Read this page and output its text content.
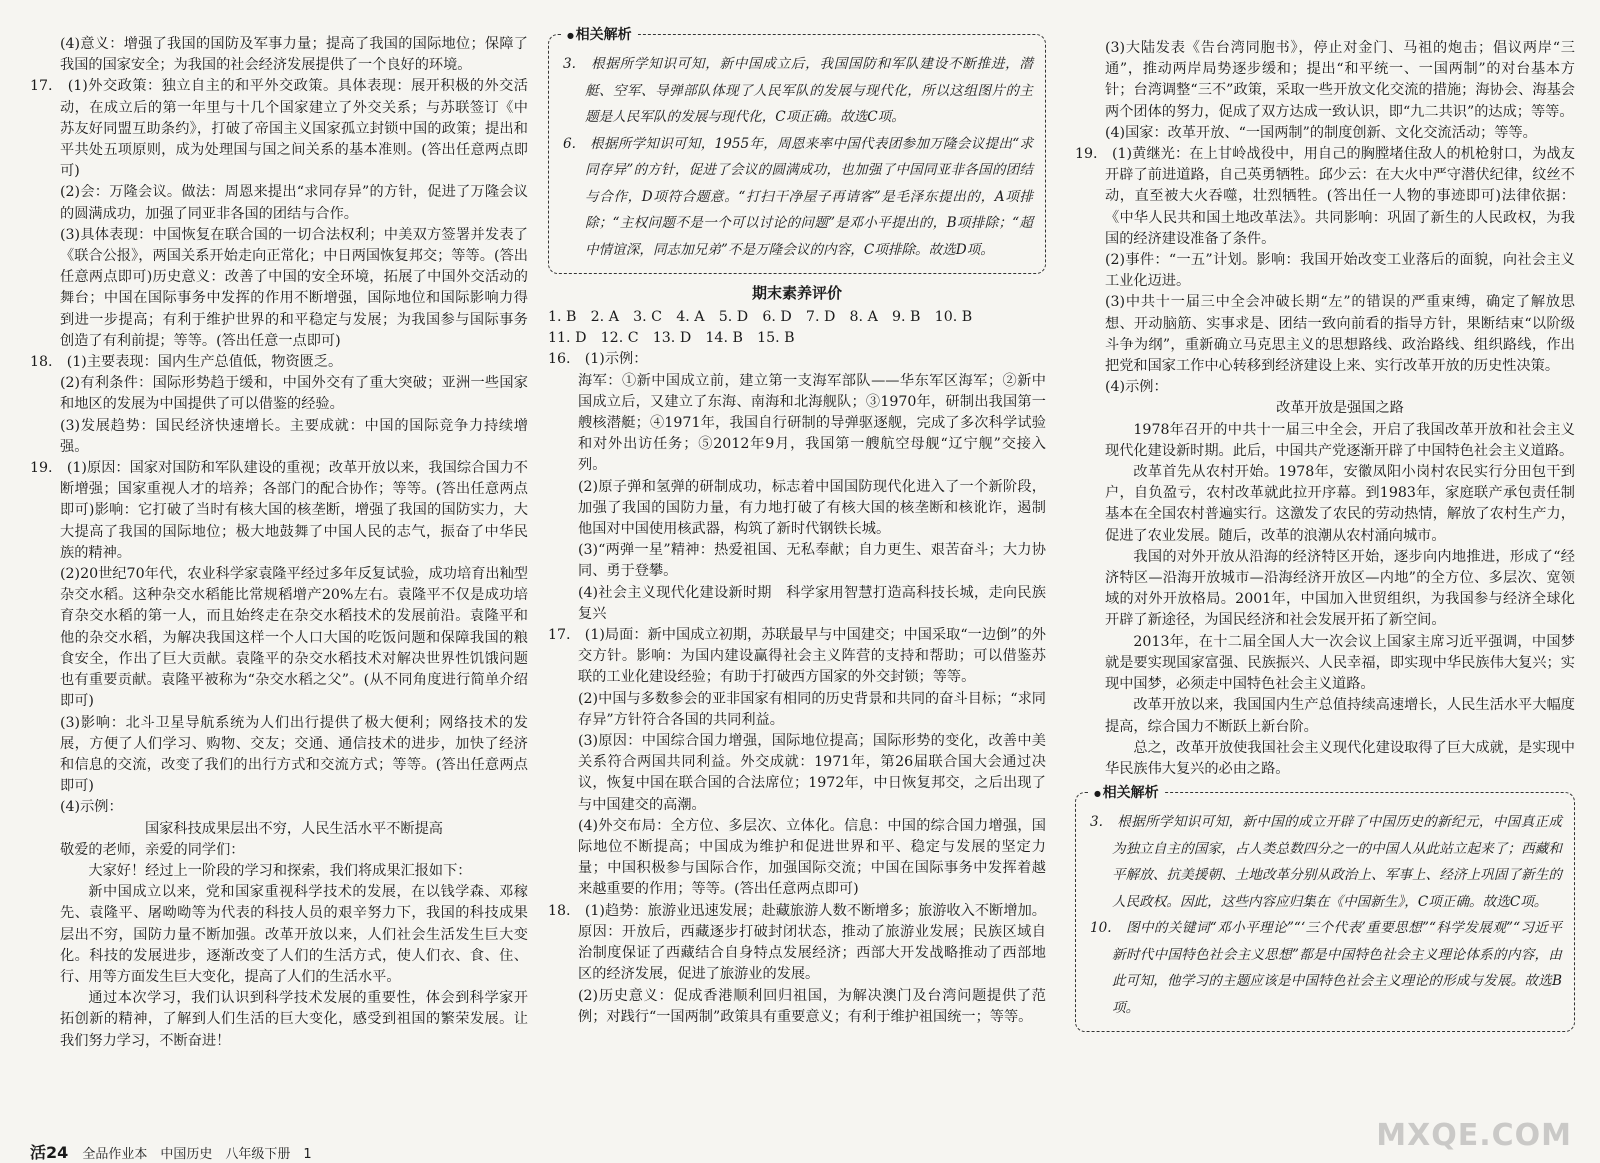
(4)意义：增强了我国的国防及军事力量；提高了我国的国际地位；保障了我国的国家安全；为我国的社会经济发展提供了一个良好的环境。

17.　(1)外交政策：独立自主的和平外交政策。具体表现：展开积极的外交活动，在成立后的第一年里与十几个国家建立了外交关系；与苏联签订《中苏友好同盟互助条约》，打破了帝国主义国家孤立封锁中国的政策；提出和平共处五项原则，成为处理国与国之间关系的基本准则。(答出任意两点即可)

(2)会：万隆会议。做法：周恩来提出“求同存异”的方针，促进了万隆会议的圆满成功，加强了同亚非各国的团结与合作。

(3)具体表现：中国恢复在联合国的一切合法权利；中美双方签署并发表了《联合公报》，两国关系开始走向正常化；中日两国恢复邦交；等等。(答出任意两点即可)历史意义：改善了中国的安全环境，拓展了中国外交活动的舞台；中国在国际事务中发挥的作用不断增强，国际地位和国际影响力得到进一步提高；有利于维护世界的和平稳定与发展；为我国参与国际事务创造了有利前提；等等。(答出任意一点即可)

18.　(1)主要表现：国内生产总值低，物资匮乏。

(2)有利条件：国际形势趋于缓和，中国外交有了重大突破；亚洲一些国家和地区的发展为中国提供了可以借鉴的经验。

(3)发展趋势：国民经济快速增长。主要成就：中国的国际竞争力持续增强。

19.　(1)原因：国家对国防和军队建设的重视；改革开放以来，我国综合国力不断增强；国家重视人才的培养；各部门的配合协作；等等。(答出任意两点即可)影响：它打破了当时有核大国的核垄断，增强了我国的国防实力，大大提高了我国的国际地位；极大地鼓舞了中国人民的志气，振奋了中华民族的精神。

(2)20世纪70年代，农业科学家袁隆平经过多年反复试验，成功培育出籼型杂交水稻。这种杂交水稻能比常规稻增产20%左右。袁隆平不仅是成功培育杂交水稻的第一人，而且始终走在杂交水稻技术的发展前沿。袁隆平和他的杂交水稻，为解决我国这样一个人口大国的吃饭问题和保障我国的粮食安全，作出了巨大贡献。袁隆平的杂交水稻技术对解决世界性饥饿问题也有重要贡献。袁隆平被称为“杂交水稻之父”。(从不同角度进行简单介绍即可)

(3)影响：北斗卫星导航系统为人们出行提供了极大便利；网络技术的发展，方便了人们学习、购物、交友；交通、通信技术的进步，加快了经济和信息的交流，改变了我们的出行方式和交流方式；等等。(答出任意两点即可)

(4)示例：

国家科技成果层出不穷，人民生活水平不断提高

敬爱的老师，亲爱的同学们：

大家好！经过上一阶段的学习和探索，我们将成果汇报如下：

新中国成立以来，党和国家重视科学技术的发展，在以钱学森、邓稼先、袁隆平、屠呦呦等为代表的科技人员的艰辛努力下，我国的科技成果层出不穷，国防力量不断加强。改革开放以来，人们社会生活发生巨大变化。科技的发展进步，逐渐改变了人们的生活方式，使人们衣、食、住、行、用等方面发生巨大变化，提高了人们的生活水平。

通过本次学习，我们认识到科学技术发展的重要性，体会到科学家开拓创新的精神，了解到人们生活的巨大变化，感受到祖国的繁荣发展。让我们努力学习，不断奋进！

● 相关解析

3.　根据所学知识可知，新中国成立后，我国国防和军队建设不断推进，潜艇、空军、导弹部队体现了人民军队的发展与现代化，所以这组图片的主题是人民军队的发展与现代化，C项正确。故选C项。

6.　根据所学知识可知，1955年，周恩来率中国代表团参加万隆会议提出“求同存异”的方针，促进了会议的圆满成功，也加强了中国同亚非各国的团结与合作，D项符合题意。“打扫干净屋子再请客”是毛泽东提出的，A项排除；“主权问题不是一个可以讨论的问题”是邓小平提出的，B项排除；“超中情谊深，同志加兄弟”不是万隆会议的内容，C项排除。故选D项。

期末素养评价

1. B　2. A　3. C　4. A　5. D　6. D　7. D　8. A　9. B　10. B

11. D　12. C　13. D　14. B　15. B

16.　(1)示例：

海军：①新中国成立前，建立第一支海军部队——华东军区海军；②新中国成立后，又建立了东海、南海和北海舰队；③1970年，研制出我国第一艘核潜艇；④1971年，我国自行研制的导弹驱逐舰，完成了多次科学试验和对外出访任务；⑤2012年9月，我国第一艘航空母舰“辽宁舰”交接入列。

(2)原子弹和氢弹的研制成功，标志着中国国防现代化进入了一个新阶段，加强了我国的国防力量，有力地打破了有核大国的核垄断和核讹诈，遏制他国对中国使用核武器，构筑了新时代钢铁长城。

(3)“两弹一星”精神：热爱祖国、无私奉献；自力更生、艰苦奋斗；大力协同、勇于登攀。

(4)社会主义现代化建设新时期　科学家用智慧打造高科技长城，走向民族复兴

17.　(1)局面：新中国成立初期，苏联最早与中国建交；中国采取“一边倒”的外交方针。影响：为国内建设赢得社会主义阵营的支持和帮助；可以借鉴苏联的工业化建设经验；有助于打破西方国家的外交封锁；等等。

(2)中国与多数参会的亚非国家有相同的历史背景和共同的奋斗目标；“求同存异”方针符合各国的共同利益。

(3)原因：中国综合国力增强，国际地位提高；国际形势的变化，改善中美关系符合两国共同利益。外交成就：1971年，第26届联合国大会通过决议，恢复中国在联合国的合法席位；1972年，中日恢复邦交，之后出现了与中国建交的高潮。

(4)外交布局：全方位、多层次、立体化。信息：中国的综合国力增强，国际地位不断提高；中国成为维护和促进世界和平、稳定与发展的坚定力量；中国积极参与国际合作，加强国际交流；中国在国际事务中发挥着越来越重要的作用；等等。(答出任意两点即可)

18.　(1)趋势：旅游业迅速发展；赴藏旅游人数不断增多；旅游收入不断增加。原因：开放后，西藏逐步打破封闭状态，推动了旅游业发展；民族区域自治制度保证了西藏结合自身特点发展经济；西部大开发战略推动了西部地区的经济发展，促进了旅游业的发展。

(2)历史意义：促成香港顺利回归祖国，为解决澳门及台湾问题提供了范例；对践行“一国两制”政策具有重要意义；有利于维护祖国统一；等等。

(3)大陆发表《告台湾同胞书》，停止对金门、马祖的炮击；倡议两岸“三通”，推动两岸局势逐步缓和；提出“和平统一、一国两制”的对台基本方针；台湾调整“三不”政策，采取一些开放文化交流的措施；海协会、海基会两个团体的努力，促成了双方达成一致认识，即“九二共识”的达成；等等。

(4)国家：改革开放、“一国两制”的制度创新、文化交流活动；等等。

19.　(1)黄继光：在上甘岭战役中，用自己的胸膛堵住敌人的机枪射口，为战友开辟了前进道路，自己英勇牺牲。邱少云：在大火中严守潜伏纪律，纹丝不动，直至被大火吞噬，壮烈牺牲。(答出任一人物的事迹即可)法律依据：《中华人民共和国土地改革法》。共同影响：巩固了新生的人民政权，为我国的经济建设准备了条件。

(2)事件：“一五”计划。影响：我国开始改变工业落后的面貌，向社会主义工业化迈进。

(3)中共十一届三中全会冲破长期“左”的错误的严重束缚，确定了解放思想、开动脑筋、实事求是、团结一致向前看的指导方针，果断结束“以阶级斗争为纲”，重新确立马克思主义的思想路线、政治路线、组织路线，作出把党和国家工作中心转移到经济建设上来、实行改革开放的历史性决策。

(4)示例：

改革开放是强国之路

1978年召开的中共十一届三中全会，开启了我国改革开放和社会主义现代化建设新时期。此后，中国共产党逐渐开辟了中国特色社会主义道路。

改革首先从农村开始。1978年，安徽凤阳小岗村农民实行分田包干到户，自负盈亏，农村改革就此拉开序幕。到1983年，家庭联产承包责任制基本在全国农村普遍实行。这激发了农民的劳动热情，解放了农村生产力，促进了农业发展。随后，改革的浪潮从农村涌向城市。

我国的对外开放从沿海的经济特区开始，逐步向内地推进，形成了“经济特区—沿海开放城市—沿海经济开放区—内地”的全方位、多层次、宽领域的对外开放格局。2001年，中国加入世贸组织，为我国参与经济全球化开辟了新途径，为国民经济和社会发展开拓了新空间。

2013年，在十二届全国人大一次会议上国家主席习近平强调，中国梦就是要实现国家富强、民族振兴、人民幸福，即实现中华民族伟大复兴；实现中国梦，必须走中国特色社会主义道路。

改革开放以来，我国国内生产总值持续高速增长，人民生活水平大幅度提高，综合国力不断跃上新台阶。

总之，改革开放使我国社会主义现代化建设取得了巨大成就，是实现中华民族伟大复兴的必由之路。

● 相关解析

3.　根据所学知识可知，新中国的成立开辟了中国历史的新纪元，中国真正成为独立自主的国家，占人类总数四分之一的中国人从此站立起来了；西藏和平解放、抗美援朝、土地改革分别从政治上、军事上、经济上巩固了新生的人民政权。因此，这些内容应归集在《中国新生》，C项正确。故选C项。

10.　图中的关键词“邓小平理论”“‘三个代表’重要思想”“科学发展观”“习近平新时代中国特色社会主义思想”都是中国特色社会主义理论体系的内容，由此可知，他学习的主题应该是中国特色社会主义理论的形成与发展。故选B项。

活24 全品作业本　中国历史　八年级下册　1
MXQE.COM
